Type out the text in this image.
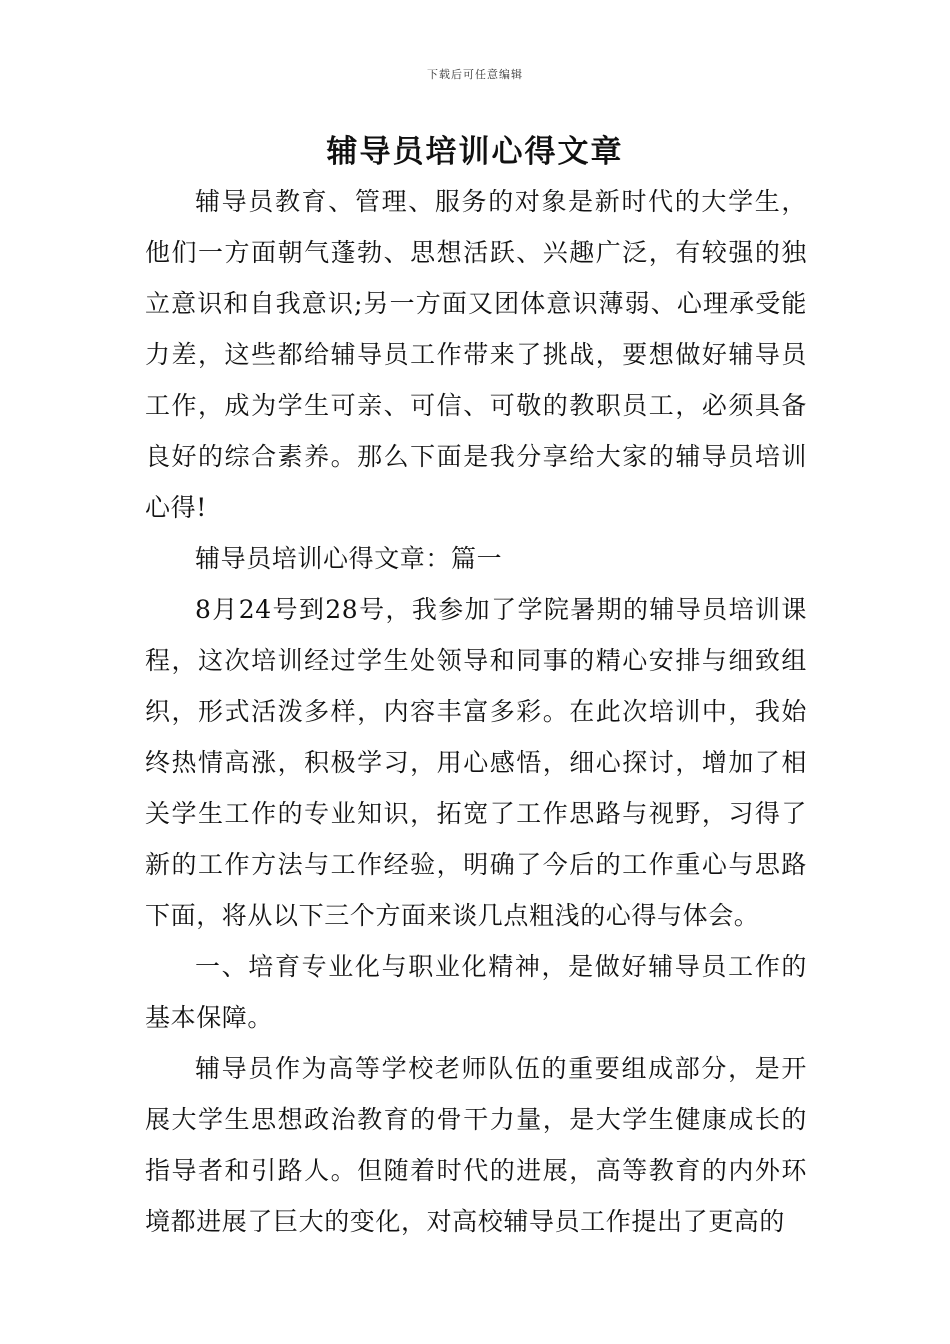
下载后可任意编辑
辅导员培训心得文章

辅导员教育、管理、服务的对象是新时代的大学生，他们一方面朝气蓬勃、思想活跃、兴趣广泛，有较强的独立意识和自我意识;另一方面又团体意识薄弱、心理承受能力差，这些都给辅导员工作带来了挑战，要想做好辅导员工作，成为学生可亲、可信、可敬的教职员工，必须具备良好的综合素养。那么下面是我分享给大家的辅导员培训心得!

辅导员培训心得文章：篇一

8月24号到28号，我参加了学院暑期的辅导员培训课程，这次培训经过学生处领导和同事的精心安排与细致组织，形式活泼多样，内容丰富多彩。在此次培训中，我始终热情高涨，积极学习，用心感悟，细心探讨，增加了相关学生工作的专业知识，拓宽了工作思路与视野，习得了新的工作方法与工作经验，明确了今后的工作重心与思路下面，将从以下三个方面来谈几点粗浅的心得与体会。

一、培育专业化与职业化精神，是做好辅导员工作的基本保障。

辅导员作为高等学校老师队伍的重要组成部分，是开展大学生思想政治教育的骨干力量，是大学生健康成长的指导者和引路人。但随着时代的进展，高等教育的内外环境都进展了巨大的变化，对高校辅导员工作提出了更高的
